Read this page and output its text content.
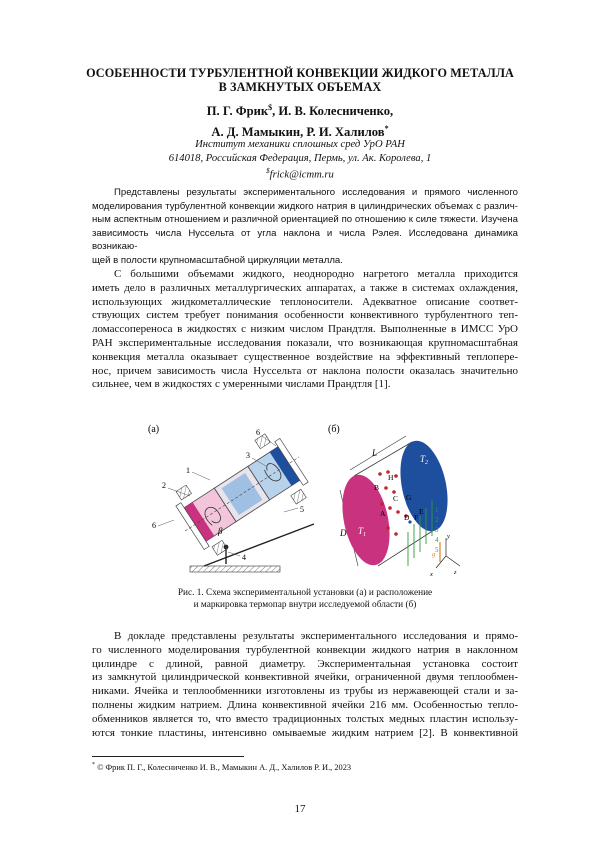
ОСОБЕННОСТИ ТУРБУЛЕНТНОЙ КОНВЕКЦИИ ЖИДКОГО МЕТАЛЛА
В ЗАМКНУТЫХ ОБЪЕМАХ
П. Г. Фрик$, И. В. Колесниченко,
А. Д. Мамыкин, Р. И. Халилов*
Институт механики сплошных сред УрО РАН
614018, Российская Федерация, Пермь, ул. Ак. Королева, 1
$frick@icmm.ru
Представлены результаты экспериментального исследования и прямого численного
моделирования турбулентной конвекции жидкого натрия в цилиндрических объемах с различ-
ным аспектным отношением и различной ориентацией по отношению к силе тяжести. Изучена
зависимость числа Нуссельта от угла наклона и числа Рэлея. Исследована динамика возникаю-
щей в полости крупномасштабной циркуляции металла.
С большими объемами жидкого, неоднородно нагретого металла приходится
иметь дело в различных металлургических аппаратах, а также в системах охлаждения,
использующих жидкометаллические теплоносители. Адекватное описание соответ-
ствующих систем требует понимания особенности конвективного турбулентного теп-
ломассопереноса в жидкостях с низким числом Прандтля. Выполненные в ИМСС УрО
РАН экспериментальные исследования показали, что возникающая крупномасштабная
конвекция металла оказывает существенное воздействие на эффективный теплоперe-
нос, причем зависимость числа Нуссельта от наклона полости оказалась значительно
сильнее, чем в жидкостях с умеренными числами Прандтля [1].
(а)	6
3
1
2
5
4
6
β
(б)
L
D $T_1$
$T_2$
H
G
C
F
B
E
D
A	1
2
3
4
5
y
z
x
g
Рис. 1. Схема экспериментальной установки (а) и расположение
и маркировка термопар внутри исследуемой области (б)
В докладе представлены результаты экспериментального исследования и прямо-
го численного моделирования турбулентной конвекции жидкого натрия в наклонном
цилиндре с длиной, равной диаметру. Экспериментальная установка состоит
из замкнутой цилиндрической конвективной ячейки, ограниченной двумя теплообмен-
никами. Ячейка и теплообменники изготовлены из трубы из нержавеющей стали и за-
полнены жидким натрием. Длина конвективной ячейки 216 мм. Особенностью тепло-
обменников является то, что вместо традиционных толстых медных пластин использу-
ются тонкие пластины, интенсивно омываемые жидким натрием [2]. В конвективной
* © Фрик П. Г., Колесниченко И. В., Мамыкин А. Д., Халилов Р. И., 2023
17
